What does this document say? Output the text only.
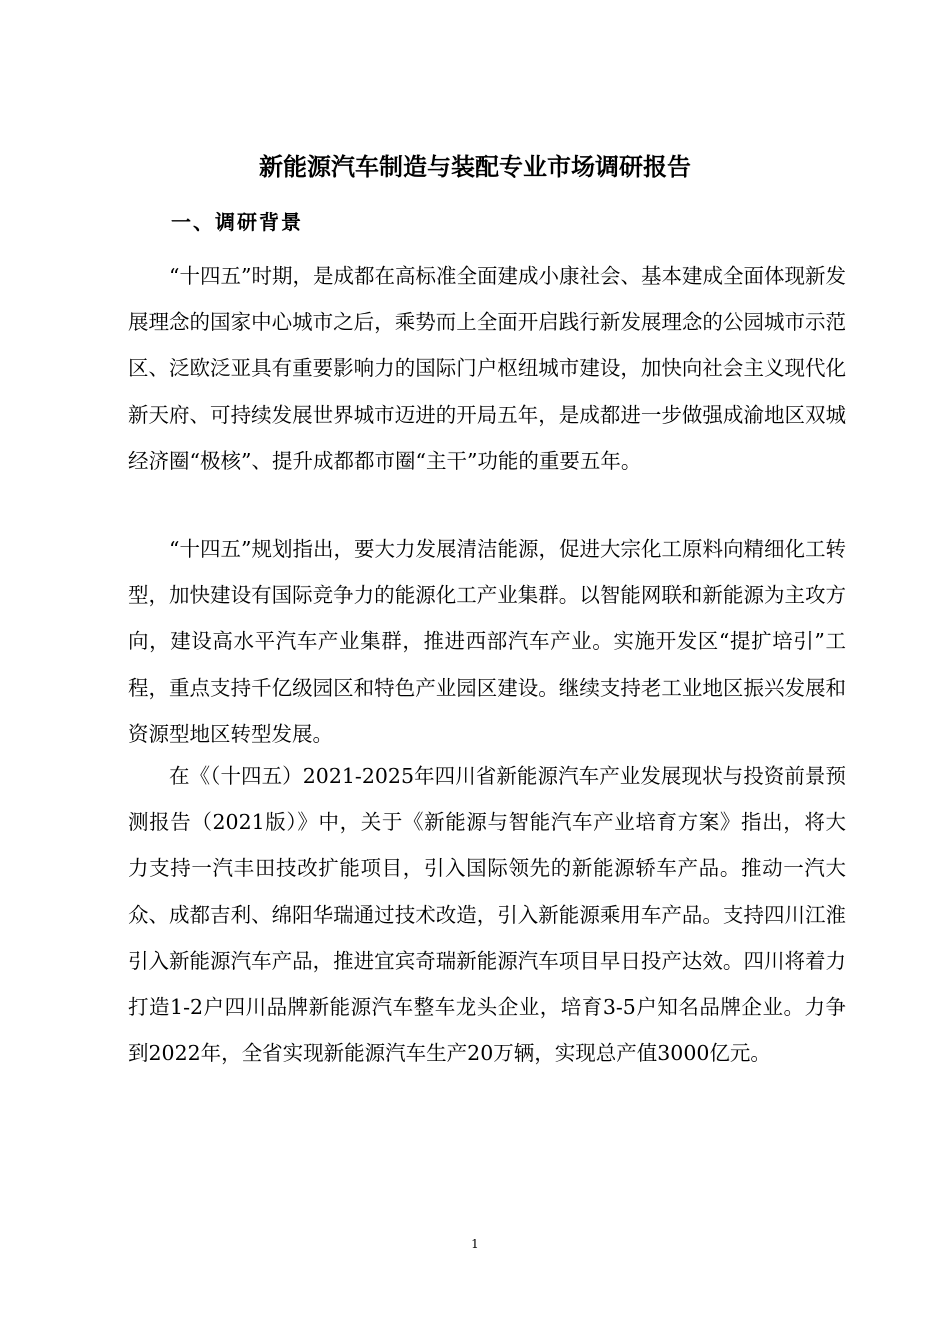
新能源汽车制造与装配专业市场调研报告
一、调研背景

“十四五”时期，是成都在高标准全面建成小康社会、基本建成全面体现新发展理念的国家中心城市之后，乘势而上全面开启践行新发展理念的公园城市示范区、泛欧泛亚具有重要影响力的国际门户枢纽城市建设，加快向社会主义现代化新天府、可持续发展世界城市迈进的开局五年，是成都进一步做强成渝地区双城经济圈“极核”、提升成都都市圈“主干”功能的重要五年。

“十四五”规划指出，要大力发展清洁能源，促进大宗化工原料向精细化工转型，加快建设有国际竞争力的能源化工产业集群。以智能网联和新能源为主攻方向，建设高水平汽车产业集群，推进西部汽车产业。实施开发区“提扩培引”工程，重点支持千亿级园区和特色产业园区建设。继续支持老工业地区振兴发展和资源型地区转型发展。

在《（十四五）2021-2025年四川省新能源汽车产业发展现状与投资前景预测报告（2021版）》中，关于《新能源与智能汽车产业培育方案》指出，将大力支持一汽丰田技改扩能项目，引入国际领先的新能源轿车产品。推动一汽大众、成都吉利、绵阳华瑞通过技术改造，引入新能源乘用车产品。支持四川江淮引入新能源汽车产品，推进宜宾奇瑞新能源汽车项目早日投产达效。四川将着力打造1-2户四川品牌新能源汽车整车龙头企业，培育3-5户知名品牌企业。力争到2022年，全省实现新能源汽车生产20万辆，实现总产值3000亿元。

1
